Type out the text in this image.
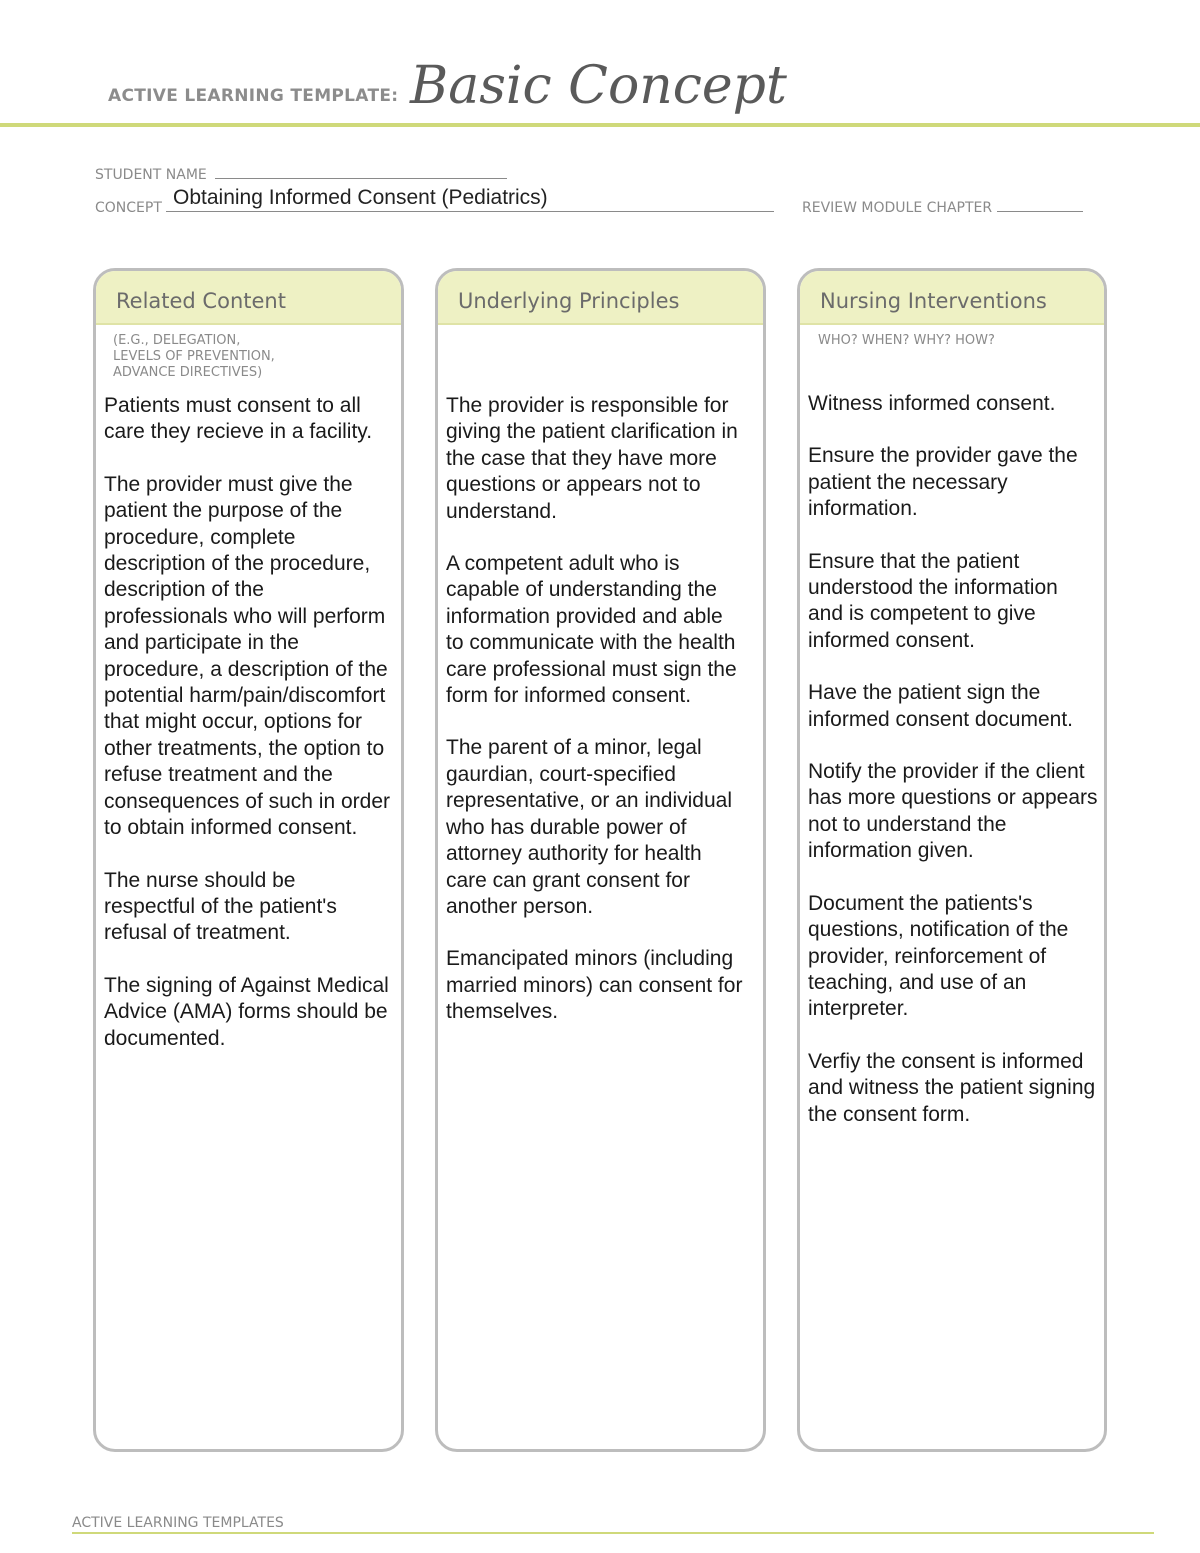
ACTIVE LEARNING TEMPLATE: Basic Concept
STUDENT NAME
CONCEPT Obtaining Informed Consent (Pediatrics)	REVIEW MODULE CHAPTER
Related Content
(E.G., DELEGATION,
LEVELS OF PREVENTION,
ADVANCE DIRECTIVES)

Patients must consent to all care they recieve in a facility.

The provider must give the patient the purpose of the procedure, complete description of the procedure, description of the professionals who will perform and participate in the procedure, a description of the potential harm/pain/discomfort that might occur, options for other treatments, the option to refuse treatment and the consequences of such in order to obtain informed consent.

The nurse should be respectful of the patient's refusal of treatment.

The signing of Against Medical Advice (AMA) forms should be documented.

Underlying Principles

The provider is responsible for giving the patient clarification in the case that they have more questions or appears not to understand.

A competent adult who is capable of understanding the information provided and able to communicate with the health care professional must sign the form for informed consent.

The parent of a minor, legal gaurdian, court-specified representative, or an individual who has durable power of attorney authority for health care can grant consent for another person.

Emancipated minors (including married minors) can consent for themselves.

Nursing Interventions
WHO? WHEN? WHY? HOW?

Witness informed consent.

Ensure the provider gave the patient the necessary information.

Ensure that the patient understood the information and is competent to give informed consent.

Have the patient sign the informed consent document.

Notify the provider if the client has more questions or appears not to understand the information given.

Document the patients's questions, notification of the provider, reinforcement of teaching, and use of an interpreter.

Verfiy the consent is informed and witness the patient signing the consent form.

ACTIVE LEARNING TEMPLATES
